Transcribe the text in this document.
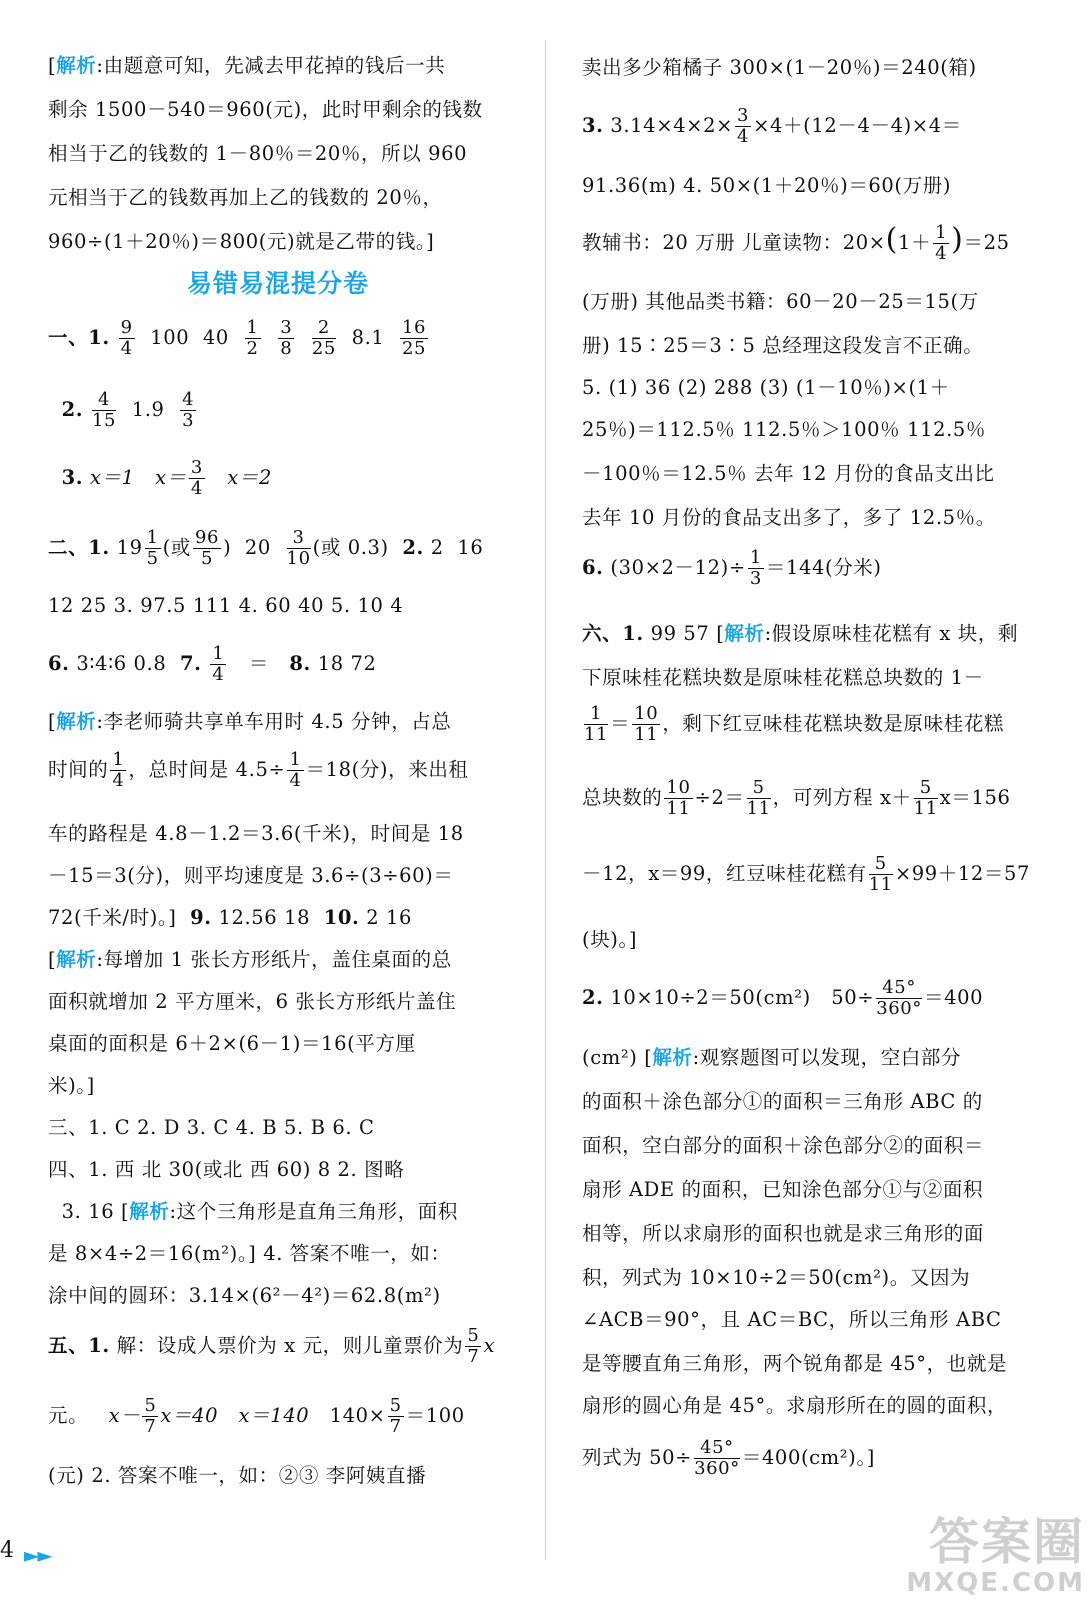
[解析:由题意可知，先减去甲花掉的钱后一共
剩余 1500－540＝960(元)，此时甲剩余的钱数
相当于乙的钱数的 1－80％＝20％，所以 960
元相当于乙的钱数再加上乙的钱数的 20％，
960÷(1＋20％)＝800(元)就是乙带的钱。]
易错易混提分卷
一、1. $\frac{9}{4} 100$ $40 \frac{1}{2}$
$\frac{3}{8}$
$\frac{2}{25} 8.1 \frac{16}{25}$
2. $\frac{4}{15} 1.9 \frac{4}{3}$
3. x＝1 $x= \frac{3}{4} x=2$
二、1. $19 \frac{1}{5}$ (或 $\frac{96}{5}$ ) $20 \frac{3}{10}$ (或 0.3) 2. 2 16
12 25 3. 97.5 111 4. 60 40 5. 10 4
6. 3∶4∶6 0.8 7. $\frac{1}{4} = 8$. 18 72
[解析:李老师骑共享单车用时 4.5 分钟，占总
时间的 $\frac{1}{4}$ ，总时间是 $4.5\div \frac{1}{4} =18$(分)，来出租
车的路程是 4.8－1.2＝3.6(千米)，时间是 18
－15＝3(分)，则平均速度是 3.6÷(3÷60)＝
72(千米/时)。] 9. 12.56 18 10. 2 16
[解析:每增加 1 张长方形纸片，盖住桌面的总
面积就增加 2 平方厘米，6 张长方形纸片盖住
桌面的面积是 6＋2×(6－1)＝16(平方厘
米)。]
三、1. C 2. D 3. C 4. B 5. B 6. C
四、1. 西 北 30(或北 西 60) 8 2. 图略
3. 16 [解析:这个三角形是直角三角形，面积
是 8×4÷2＝16(m²)。] 4. 答案不唯一，如：
涂中间的圆环：3.14×(6²－4²)＝62.8(m²)
五、1. 解：设成人票价为 x 元，则儿童票价为 $\frac{5}{7}$ x
元。 $x- \frac{5}{7} x=40$ x＝140 $140\times \frac{5}{7} =100$
(元) 2. 答案不唯一，如：②③ 李阿姨直播
4 ►►
卖出多少箱橘子 300×(1－20％)＝240(箱)
3. $3.14\times 4\times 2\times \frac{3}{4} \times 4+(12-4-4)\times 4=$
91.36(m) 4. 50×(1＋20％)＝60(万册)
教辅书：20 万册 儿童读物：$20\times(1+ \frac{1}{4} )=25$
(万册) 其他品类书籍：60－20－25＝15(万
册) 15∶25＝3∶5 总经理这段发言不正确。
5. (1) 36 (2) 288 (3) (1－10％)×(1＋
25％)＝112.5％ 112.5％＞100％ 112.5％
－100％＝12.5％ 去年 12 月份的食品支出比
去年 10 月份的食品支出多了，多了 12.5％。
6. $(30\times 2-12)\div \frac{1}{3} =144$(分米)
六、1. 99 57 [解析:假设原味桂花糕有 x 块，剩
下原味桂花糕块数是原味桂花糕总块数的 1－
$\frac{1}{11} = \frac{10}{11}$ ，剩下红豆味桂花糕块数是原味桂花糕
总块数的 $\frac{10}{11} \div 2= \frac{5}{11}$ ，可列方程 $x+ \frac{5}{11} x=156$
－12，x＝99，红豆味桂花糕有 $\frac{5}{11} \times 99+12=57$
(块)。]
2. 10×10÷2＝50(cm²) $50\div \frac{45^\circ}{360^\circ} =400$
(cm²) [解析:观察题图可以发现，空白部分
的面积＋涂色部分①的面积＝三角形 ABC 的
面积，空白部分的面积＋涂色部分②的面积＝
扇形 ADE 的面积，已知涂色部分①与②面积
相等，所以求扇形的面积也就是求三角形的面
积，列式为 10×10÷2＝50(cm²)。又因为
∠ACB＝90°，且 AC＝BC，所以三角形 ABC
是等腰直角三角形，两个锐角都是 45°，也就是
扇形的圆心角是 45°。求扇形所在的圆的面积，
列式为 $50\div \frac{45^\circ}{360^\circ} =400(cm^2)$。]
答案圈
MXQE.COM
